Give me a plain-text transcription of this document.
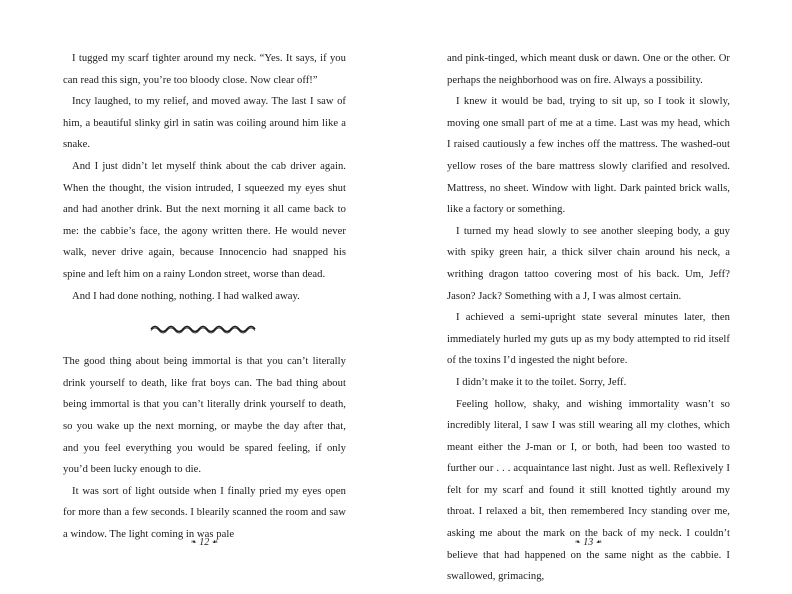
I tugged my scarf tighter around my neck. “Yes. It says, if you can read this sign, you’re too bloody close. Now clear off!”

Incy laughed, to my relief, and moved away. The last I saw of him, a beautiful slinky girl in satin was coiling around him like a snake.

And I just didn’t let myself think about the cab driver again. When the thought, the vision intruded, I squeezed my eyes shut and had another drink. But the next morning it all came back to me: the cabbie’s face, the agony written there. He would never walk, never drive again, because Innocencio had snapped his spine and left him on a rainy London street, worse than dead.

And I had done nothing, nothing. I had walked away.

The good thing about being immortal is that you can’t literally drink yourself to death, like frat boys can. The bad thing about being immortal is that you can’t literally drink yourself to death, so you wake up the next morning, or maybe the day after that, and you feel everything you would be spared feeling, if only you’d been lucky enough to die.

It was sort of light outside when I finally pried my eyes open for more than a few seconds. I blearily scanned the room and saw a window. The light coming in was pale

❧ 12 ☙

and pink-tinged, which meant dusk or dawn. One or the other. Or perhaps the neighborhood was on fire. Always a possibility.

I knew it would be bad, trying to sit up, so I took it slowly, moving one small part of me at a time. Last was my head, which I raised cautiously a few inches off the mattress. The washed-out yellow roses of the bare mattress slowly clarified and resolved. Mattress, no sheet. Window with light. Dark painted brick walls, like a factory or something.

I turned my head slowly to see another sleeping body, a guy with spiky green hair, a thick silver chain around his neck, a writhing dragon tattoo covering most of his back. Um, Jeff? Jason? Jack? Something with a J, I was almost certain.

I achieved a semi-upright state several minutes later, then immediately hurled my guts up as my body attempted to rid itself of the toxins I’d ingested the night before.

I didn’t make it to the toilet. Sorry, Jeff.

Feeling hollow, shaky, and wishing immortality wasn’t so incredibly literal, I saw I was still wearing all my clothes, which meant either the J-man or I, or both, had been too wasted to further our . . . acquaintance last night. Just as well. Reflexively I felt for my scarf and found it still knotted tightly around my throat. I relaxed a bit, then remembered Incy standing over me, asking me about the mark on the back of my neck. I couldn’t believe that had happened on the same night as the cabbie. I swallowed, grimacing,

❧ 13 ☙
